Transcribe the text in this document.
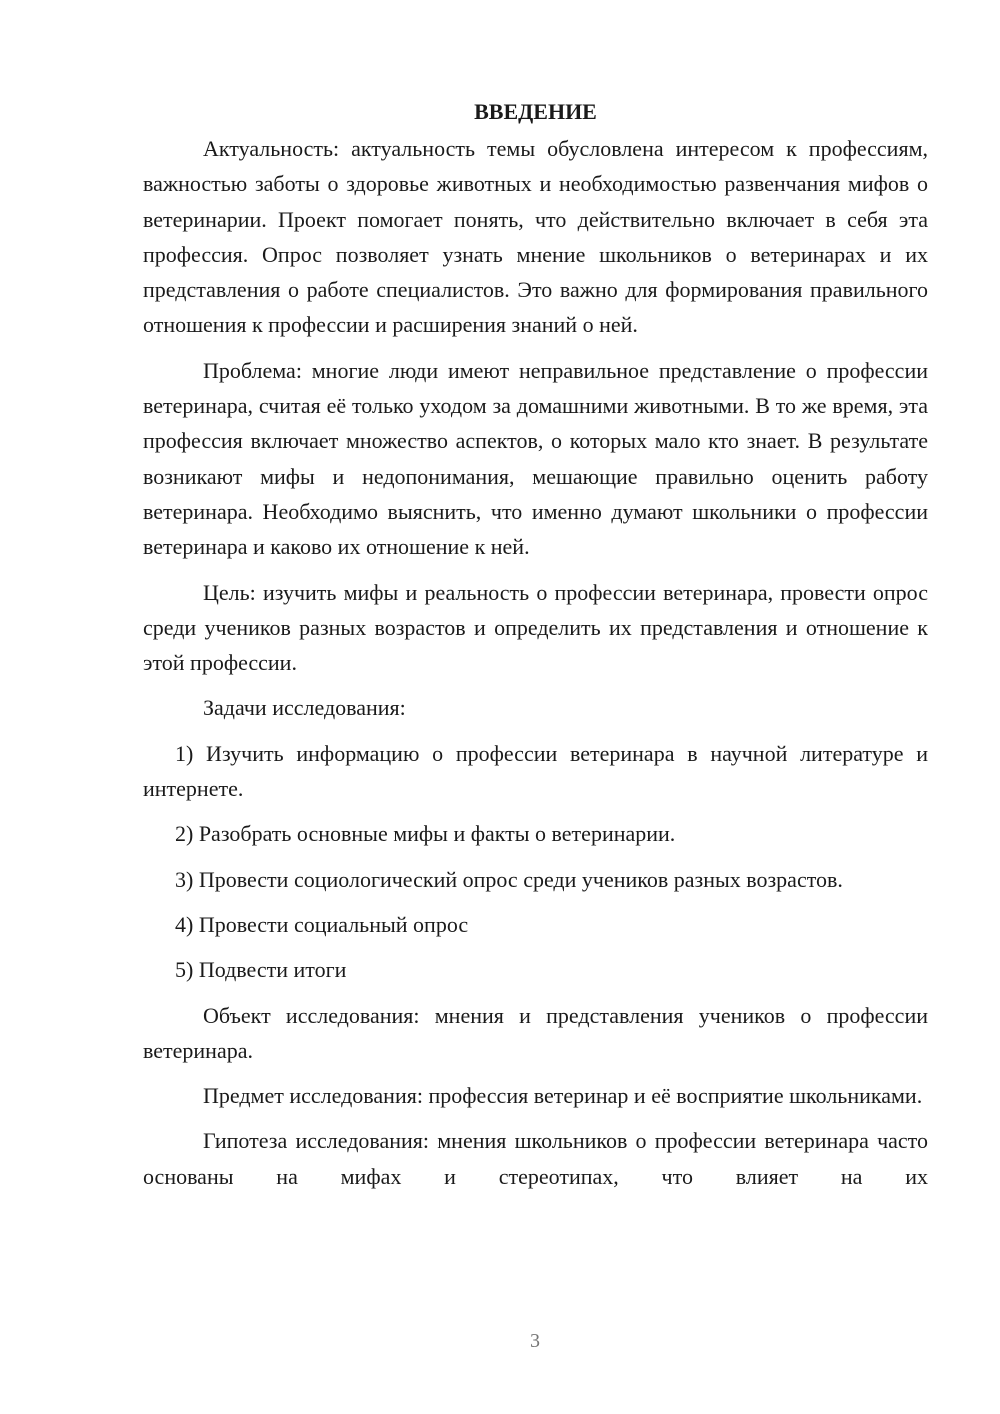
ВВЕДЕНИЕ

Актуальность: актуальность темы обусловлена интересом к профессиям, важностью заботы о здоровье животных и необходимостью развенчания мифов о ветеринарии. Проект помогает понять, что действительно включает в себя эта профессия. Опрос позволяет узнать мнение школьников о ветеринарах и их представления о работе специалистов. Это важно для формирования правильного отношения к профессии и расширения знаний о ней.

Проблема: многие люди имеют неправильное представление о профессии ветеринара, считая её только уходом за домашними животными. В то же время, эта профессия включает множество аспектов, о которых мало кто знает. В результате возникают мифы и недопонимания, мешающие правильно оценить работу ветеринара. Необходимо выяснить, что именно думают школьники о профессии ветеринара и каково их отношение к ней.

Цель: изучить мифы и реальность о профессии ветеринара, провести опрос среди учеников разных возрастов и определить их представления и отношение к этой профессии.

Задачи исследования:

1) Изучить информацию о профессии ветеринара в научной литературе и интернете.

2) Разобрать основные мифы и факты о ветеринарии.

3) Провести социологический опрос среди учеников разных возрастов.

4) Провести социальный опрос

5) Подвести итоги

Объект исследования: мнения и представления учеников о профессии ветеринара.

Предмет исследования: профессия ветеринар и её восприятие школьниками.

Гипотеза исследования: мнения школьников о профессии ветеринара часто основаны на мифах и стереотипах, что влияет на их

3
